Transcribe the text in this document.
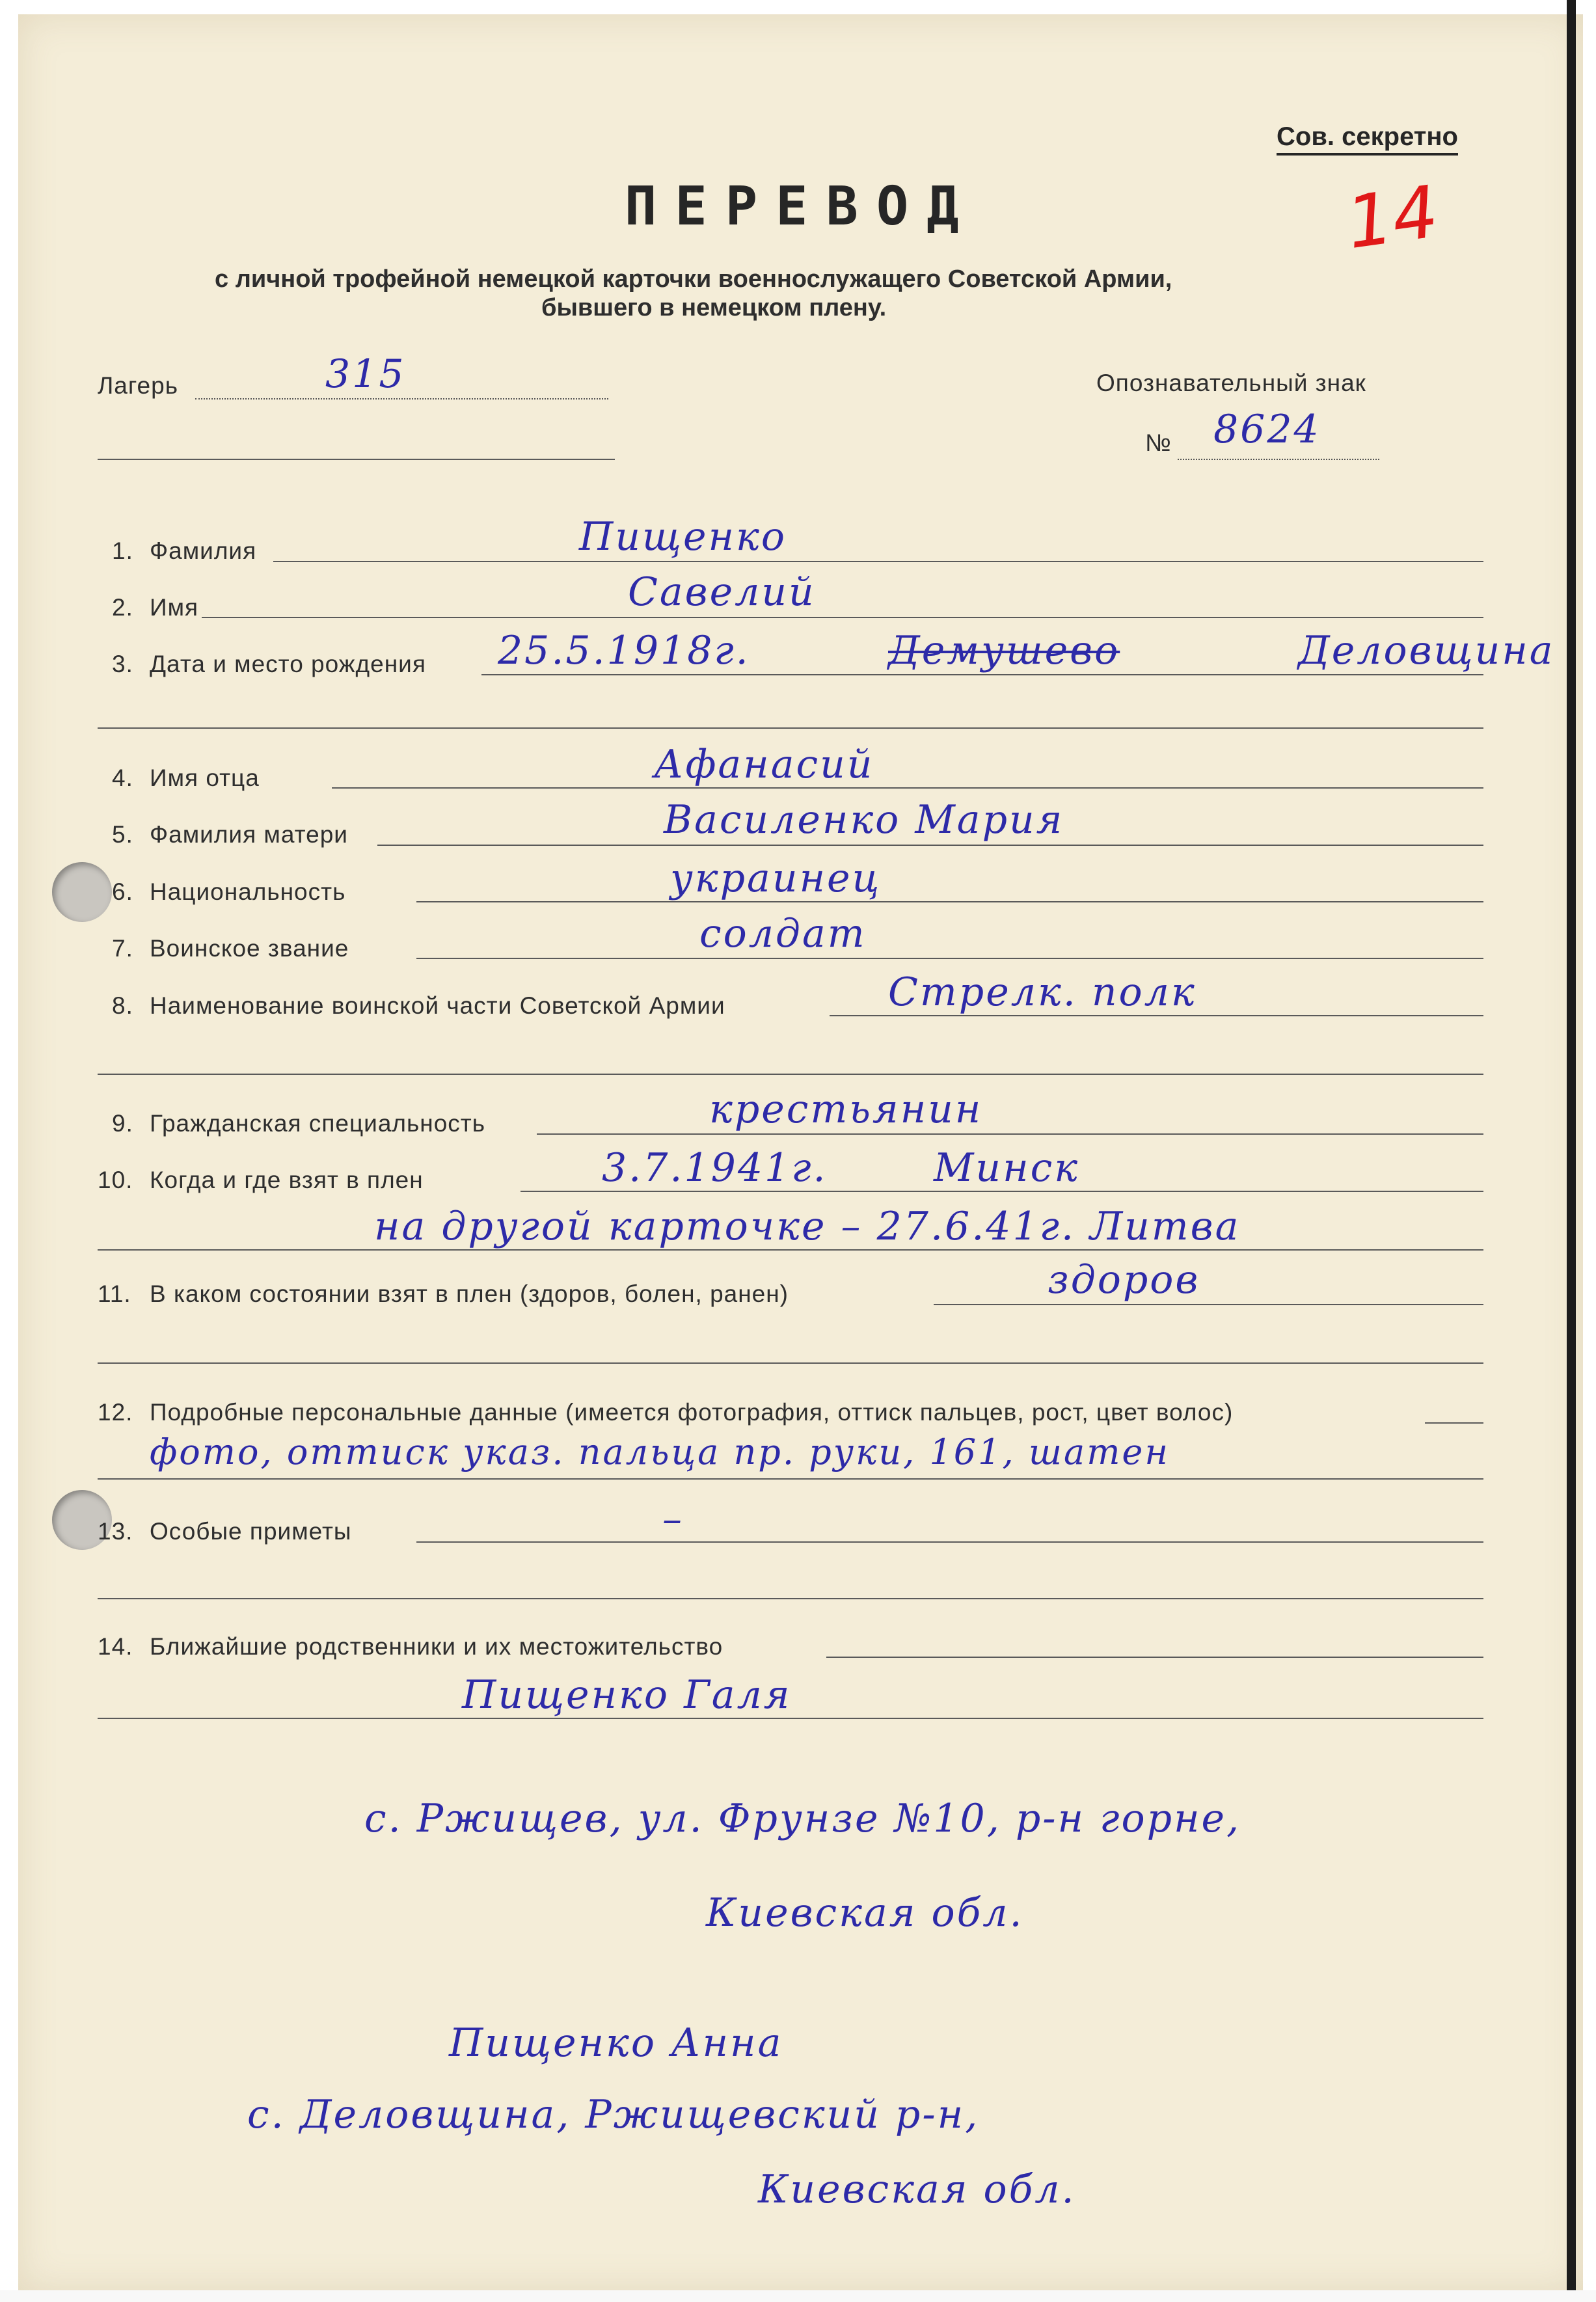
Сов. секретно
ПЕРЕВОД
с личной трофейной немецкой карточки военнослужащего Советской Армии,
бывшего в немецком плену.
14
Лагерь	315	Опознавательный знак
№ 8624
1. Фамилия	Пищенко
2. Имя	Савелий
3. Дата и место рождения 25.5.1918г.	Демушево	Деловщина
4. Имя отца	Афанасий
5. Фамилия матери	Василенко Мария
6. Национальность	украинец
7. Воинское звание	солдат
8. Наименование воинской части Советской Армии	Стрелк. полк
9. Гражданская специальность	крестьянин
10. Когда и где взят в плен	3.7.1941г.	Минск
на другой карточке – 27.6.41г. Литва
11. В каком состоянии взят в плен (здоров, болен, ранен)	здоров
12. Подробные персональные данные (имеется фотография, оттиск пальцев, рост, цвет волос)
фото, оттиск указ. пальца пр. руки, 161, шатен
13. Особые приметы	–
14. Ближайшие родственники и их местожительство
Пищенко Галя
с. Ржищев, ул. Фрунзе №10, р-н горне,
Киевская обл.
Пищенко Анна
с. Деловщина, Ржищевский р-н,
Киевская обл.
